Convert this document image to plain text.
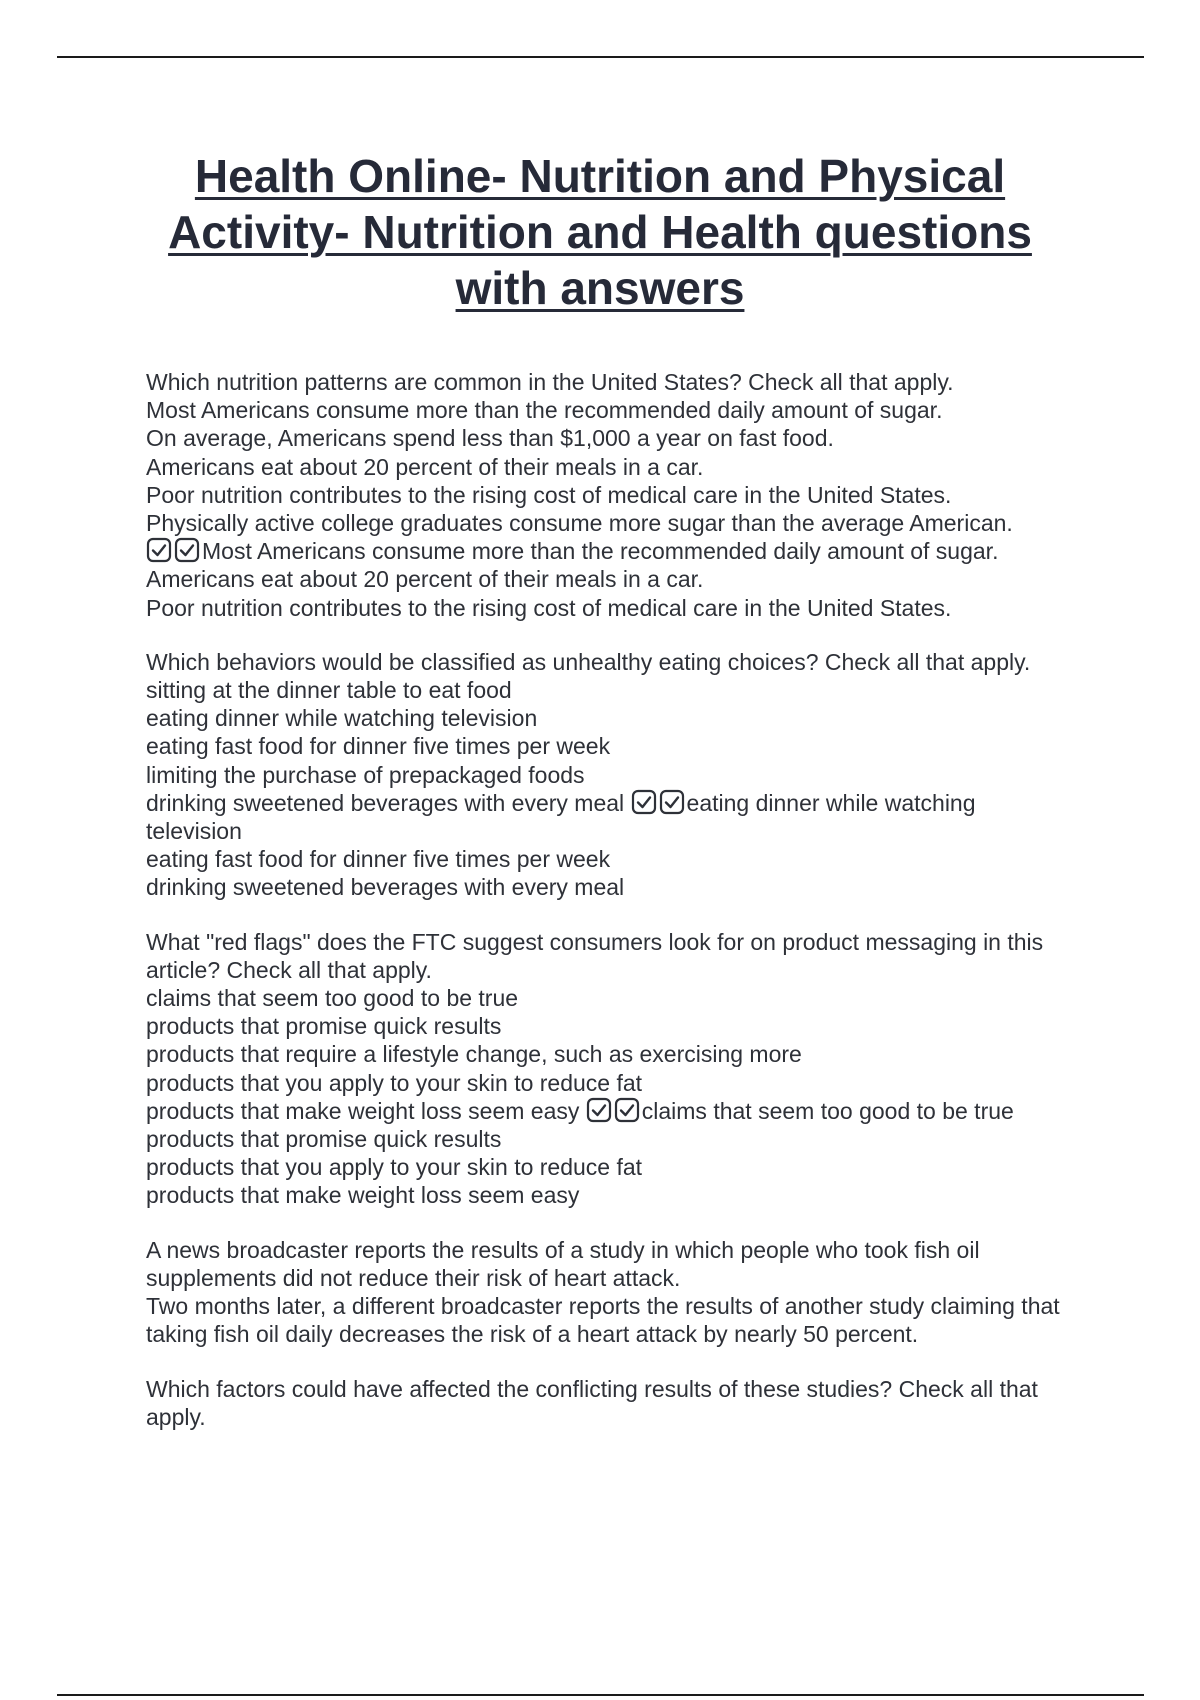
Health Online- Nutrition and Physical
Activity- Nutrition and Health questions
with answers
Which nutrition patterns are common in the United States? Check all that apply.
Most Americans consume more than the recommended daily amount of sugar.
On average, Americans spend less than $1,000 a year on fast food.
Americans eat about 20 percent of their meals in a car.
Poor nutrition contributes to the rising cost of medical care in the United States.
Physically active college graduates consume more sugar than the average American.
Most Americans consume more than the recommended daily amount of sugar.
Americans eat about 20 percent of their meals in a car.
Poor nutrition contributes to the rising cost of medical care in the United States.
Which behaviors would be classified as unhealthy eating choices? Check all that apply.
sitting at the dinner table to eat food
eating dinner while watching television
eating fast food for dinner five times per week
limiting the purchase of prepackaged foods
drinking sweetened beverages with every meal
eating dinner while watching
television
eating fast food for dinner five times per week
drinking sweetened beverages with every meal
What "red flags" does the FTC suggest consumers look for on product messaging in this article? Check all that apply.
claims that seem too good to be true
products that promise quick results
products that require a lifestyle change, such as exercising more
products that you apply to your skin to reduce fat
products that make weight loss seem easy
claims that seem too good to be true
products that promise quick results
products that you apply to your skin to reduce fat
products that make weight loss seem easy
A news broadcaster reports the results of a study in which people who took fish oil supplements did not reduce their risk of heart attack.
Two months later, a different broadcaster reports the results of another study claiming that taking fish oil daily decreases the risk of a heart attack by nearly 50 percent.
Which factors could have affected the conflicting results of these studies? Check all that apply.
